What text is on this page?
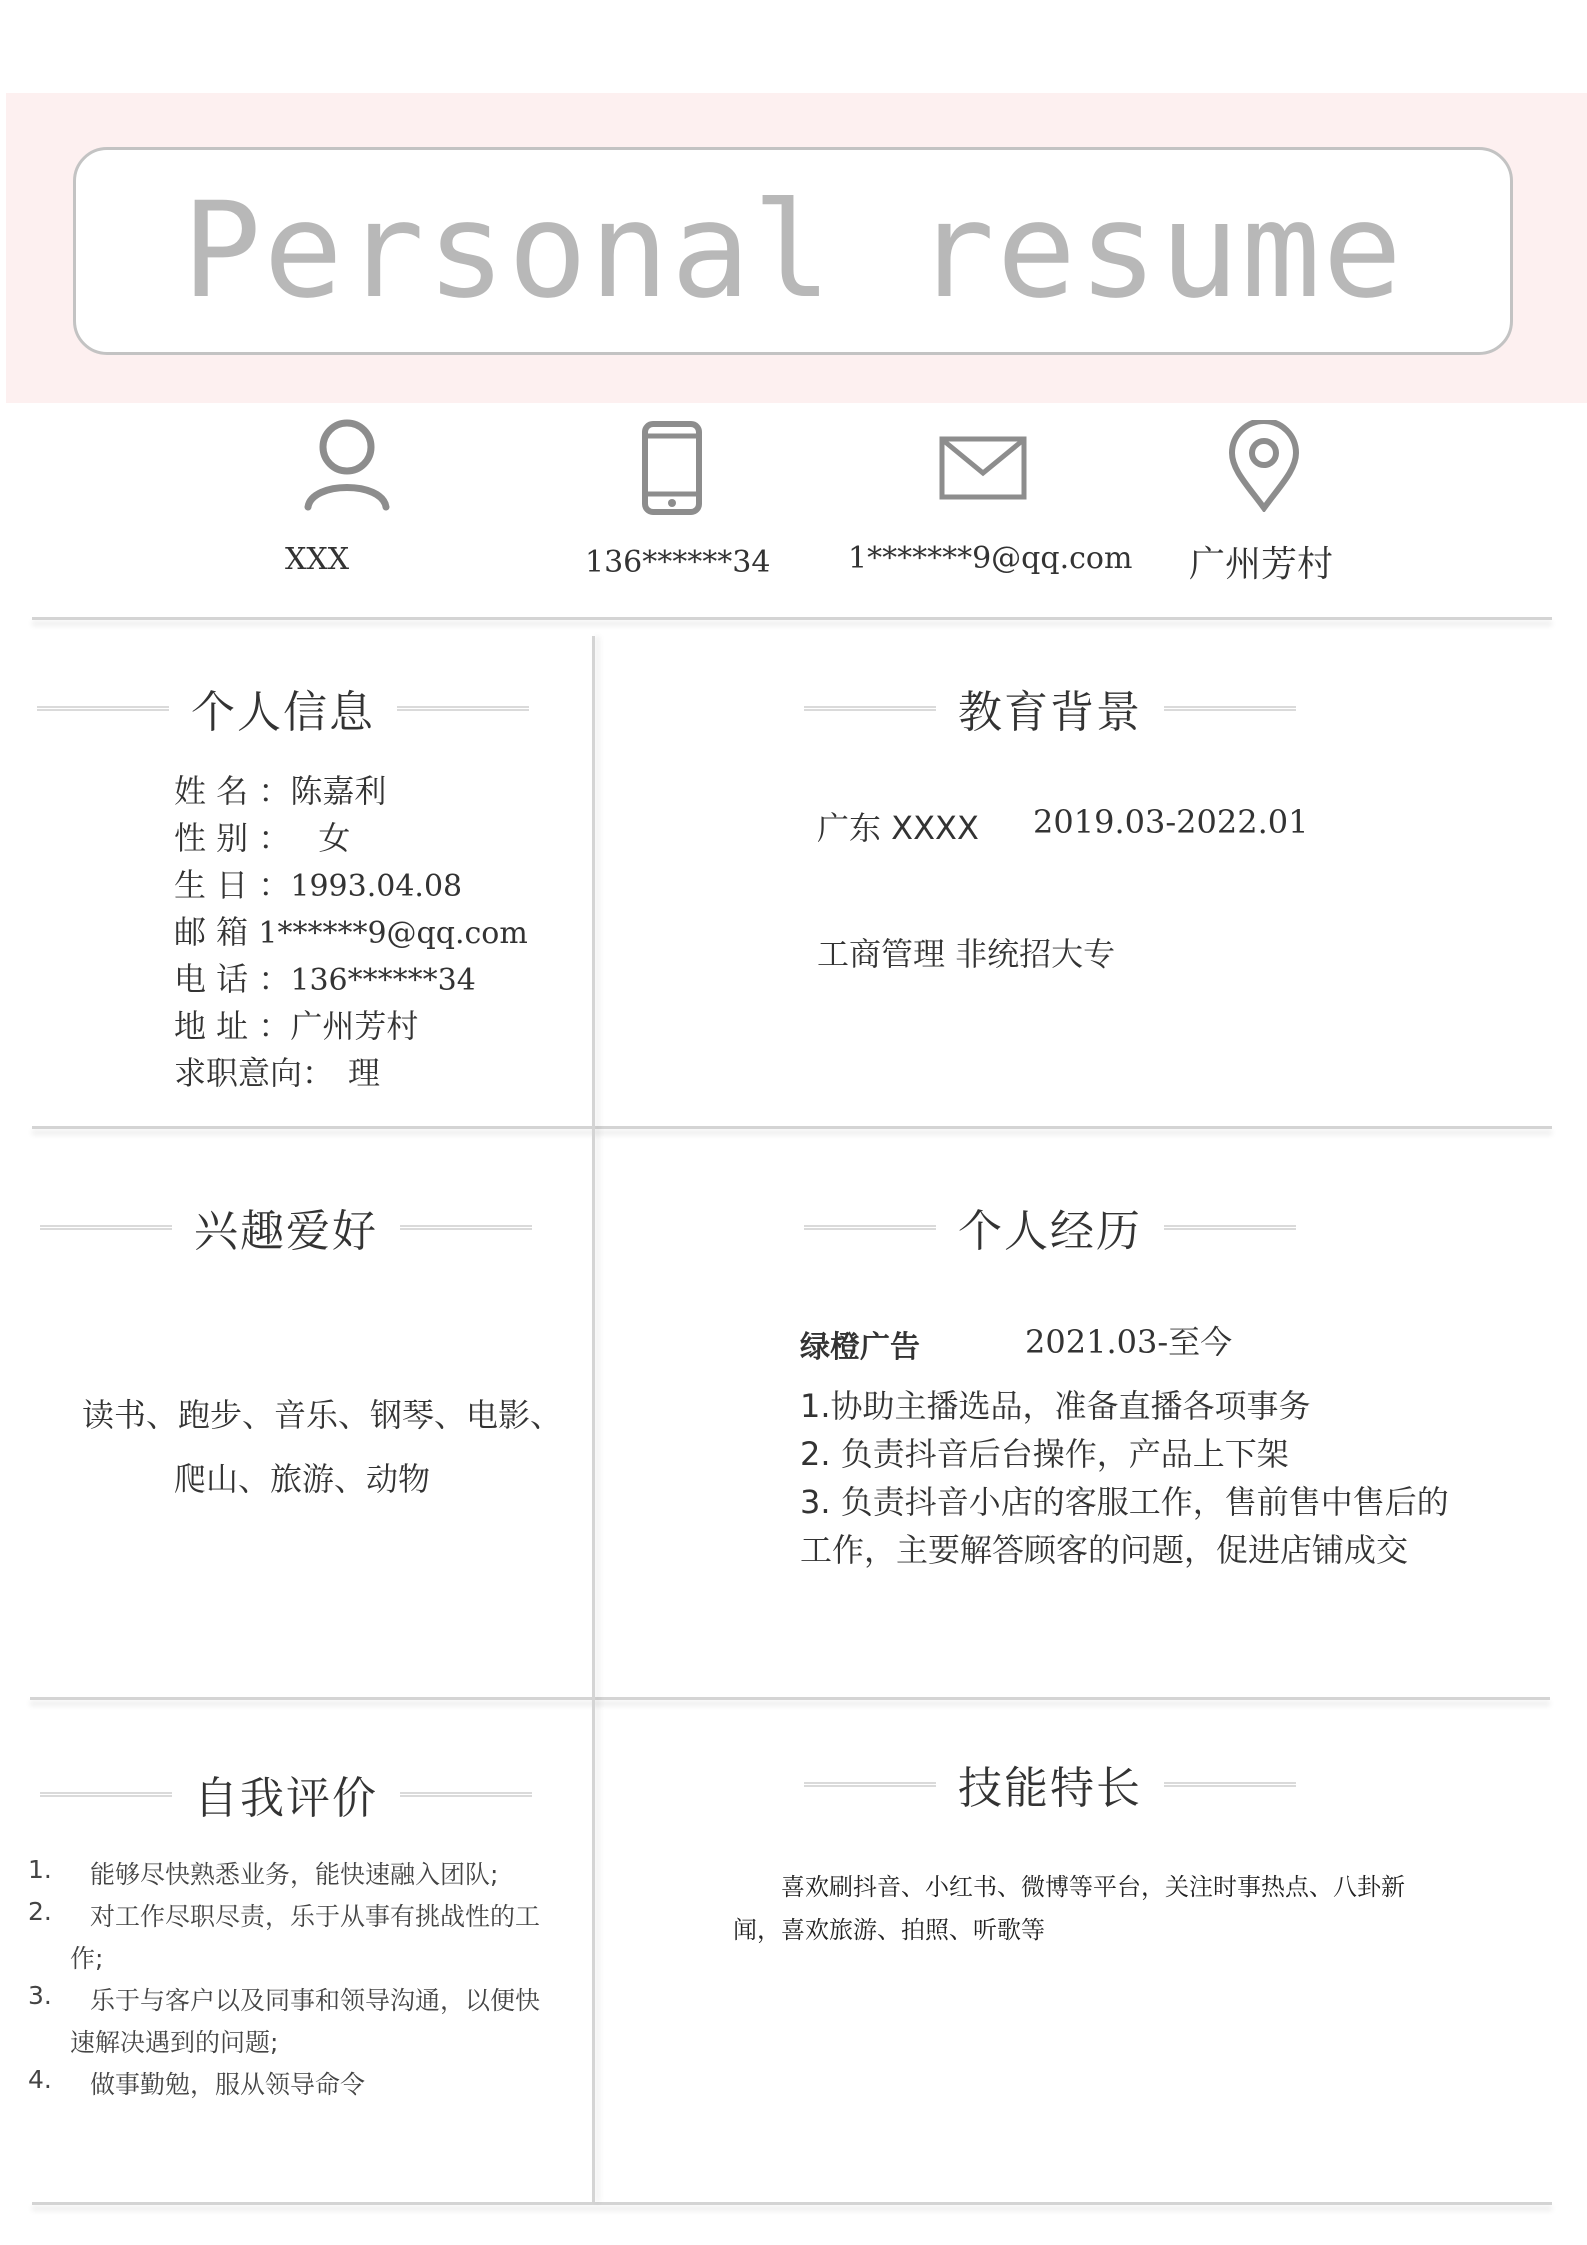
Personal resume
XXX	136******34	1*******9@qq.com 广州芳村
个人信息
姓 名 ：陈嘉利
性 别 ： 女
生 日 ：1993.04.08
邮 箱 1******9@qq.com
电 话 ：136******34
地 址 ：广州芳村
求职意向： 理
教育背景
广东 XXXX 2019.03-2022.01
工商管理 非统招大专
兴趣爱好
读书、跑步、音乐、钢琴、电影、
爬山、旅游、动物
个人经历
绿橙广告	2021.03-至今
1.协助主播选品，准备直播各项事务
2. 负责抖音后台操作，产品上下架
3. 负责抖音小店的客服工作，售前售中售后的
工作，主要解答顾客的问题，促进店铺成交
自我评价
1. 能够尽快熟悉业务，能快速融入团队;
2. 对工作尽职尽责，乐于从事有挑战性的工
作;
3. 乐于与客户以及同事和领导沟通，以便快
速解决遇到的问题;
4. 做事勤勉，服从领导命令
技能特长
喜欢刷抖音、小红书、微博等平台，关注时事热点、八卦新
闻，喜欢旅游、拍照、听歌等
